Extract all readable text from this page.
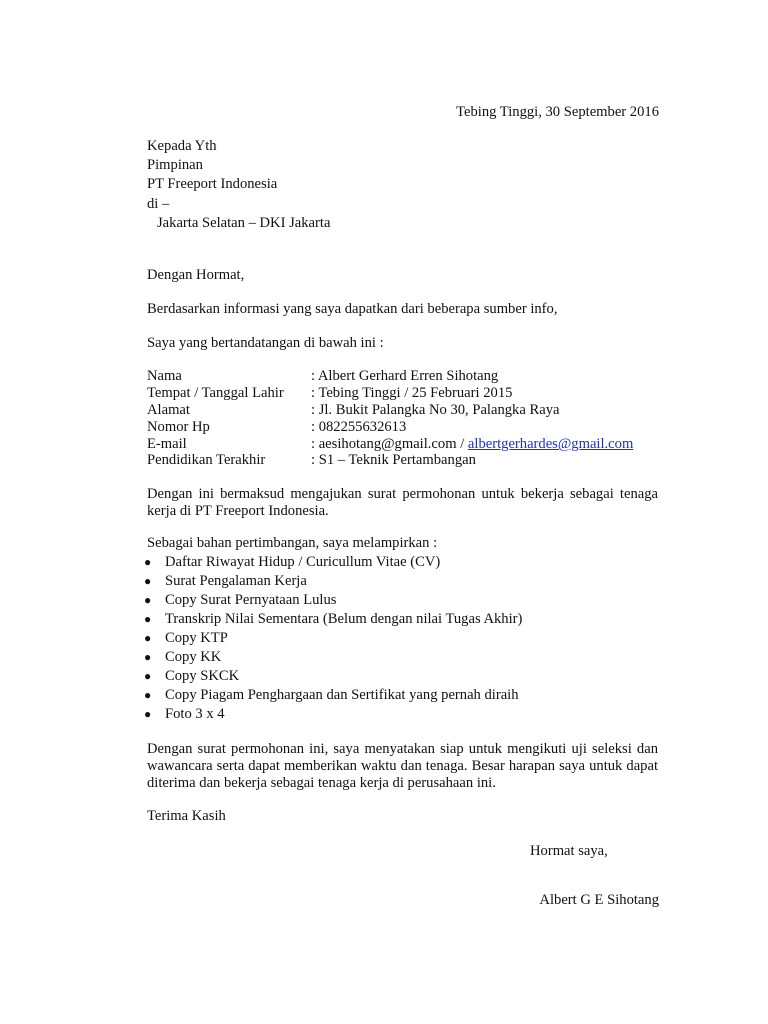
Tebing Tinggi, 30 September 2016
Kepada Yth
Pimpinan
PT Freeport Indonesia
di –
Jakarta Selatan – DKI Jakarta
Dengan Hormat,
Berdasarkan informasi yang saya dapatkan dari beberapa sumber info,
Saya yang bertandatangan di bawah ini :
Nama	: Albert Gerhard Erren Sihotang
Tempat / Tanggal Lahir : Tebing Tinggi / 25 Februari 2015
Alamat	: Jl. Bukit Palangka No 30, Palangka Raya
Nomor Hp	: 082255632613
E-mail	: aesihotang@gmail.com / albertgerhardes@gmail.com
Pendidikan Terakhir	: S1 – Teknik Pertambangan
Dengan ini bermaksud mengajukan surat permohonan untuk bekerja sebagai tenaga kerja di PT Freeport Indonesia.
Sebagai bahan pertimbangan, saya melampirkan :
● Daftar Riwayat Hidup / Curicullum Vitae (CV)
● Surat Pengalaman Kerja
● Copy Surat Pernyataan Lulus
● Transkrip Nilai Sementara (Belum dengan nilai Tugas Akhir)
● Copy KTP
● Copy KK
● Copy SKCK
● Copy Piagam Penghargaan dan Sertifikat yang pernah diraih
● Foto 3 x 4
Dengan surat permohonan ini, saya menyatakan siap untuk mengikuti uji seleksi dan wawancara serta dapat memberikan waktu dan tenaga. Besar harapan saya untuk dapat diterima dan bekerja sebagai tenaga kerja di perusahaan ini.
Terima Kasih
Hormat saya,
Albert G E Sihotang
